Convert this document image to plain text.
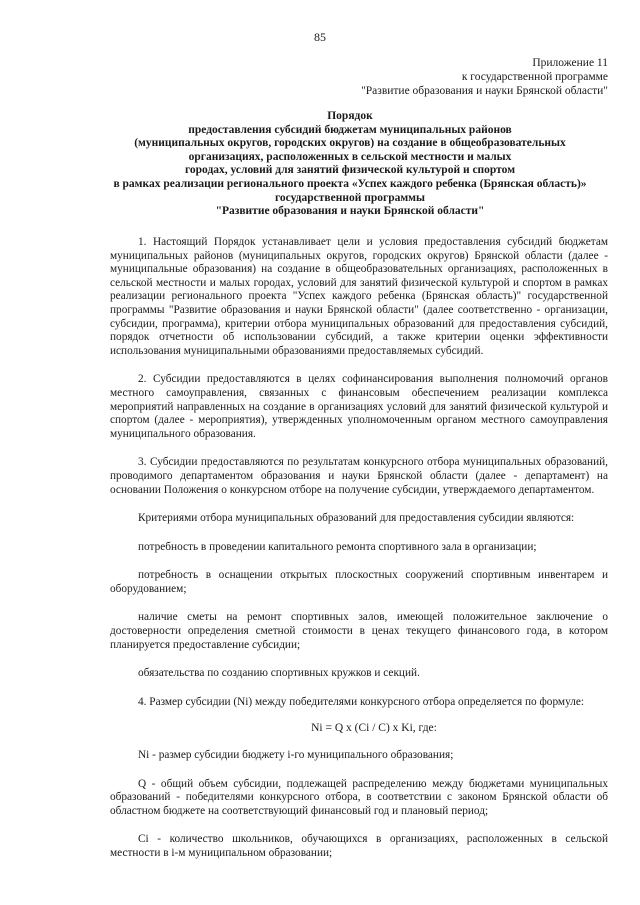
85
Приложение 11
к государственной программе
"Развитие образования и науки Брянской области"
Порядок
предоставления субсидий бюджетам муниципальных районов
(муниципальных округов, городских округов) на создание в общеобразовательных
организациях, расположенных в сельской местности и малых
городах, условий для занятий физической культурой и спортом
в рамках реализации регионального проекта «Успех каждого ребенка (Брянская область)»
государственной программы
"Развитие образования и науки Брянской области"

1. Настоящий Порядок устанавливает цели и условия предоставления субсидий бюджетам муниципальных районов (муниципальных округов, городских округов) Брянской области (далее - муниципальные образования) на создание в общеобразовательных организациях, расположенных в сельской местности и малых городах, условий для занятий физической культурой и спортом в рамках реализации регионального проекта "Успех каждого ребенка (Брянская область)" государственной программы "Развитие образования и науки Брянской области" (далее соответственно - организации, субсидии, программа), критерии отбора муниципальных образований для предоставления субсидий, порядок отчетности об использовании субсидий, а также критерии оценки эффективности использования муниципальными образованиями предоставляемых субсидий.

2. Субсидии предоставляются в целях софинансирования выполнения полномочий органов местного самоуправления, связанных с финансовым обеспечением реализации комплекса мероприятий направленных на создание в организациях условий для занятий физической культурой и спортом (далее - мероприятия), утвержденных уполномоченным органом местного самоуправления муниципального образования.

3. Субсидии предоставляются по результатам конкурсного отбора муниципальных образований, проводимого департаментом образования и науки Брянской области (далее - департамент) на основании Положения о конкурсном отборе на получение субсидии, утверждаемого департаментом.

Критериями отбора муниципальных образований для предоставления субсидии являются:

потребность в проведении капитального ремонта спортивного зала в организации;

потребность в оснащении открытых плоскостных сооружений спортивным инвентарем и оборудованием;

наличие сметы на ремонт спортивных залов, имеющей положительное заключение о достоверности определения сметной стоимости в ценах текущего финансового года, в котором планируется предоставление субсидии;

обязательства по созданию спортивных кружков и секций.

4. Размер субсидии (Ni) между победителями конкурсного отбора определяется по формуле:

Ni = Q x (Ci / C) x Ki, где:

Ni - размер субсидии бюджету i-го муниципального образования;

Q - общий объем субсидии, подлежащей распределению между бюджетами муниципальных образований - победителями конкурсного отбора, в соответствии с законом Брянской области об областном бюджете на соответствующий финансовый год и плановый период;

Ci - количество школьников, обучающихся в организациях, расположенных в сельской местности в i-м муниципальном образовании;
